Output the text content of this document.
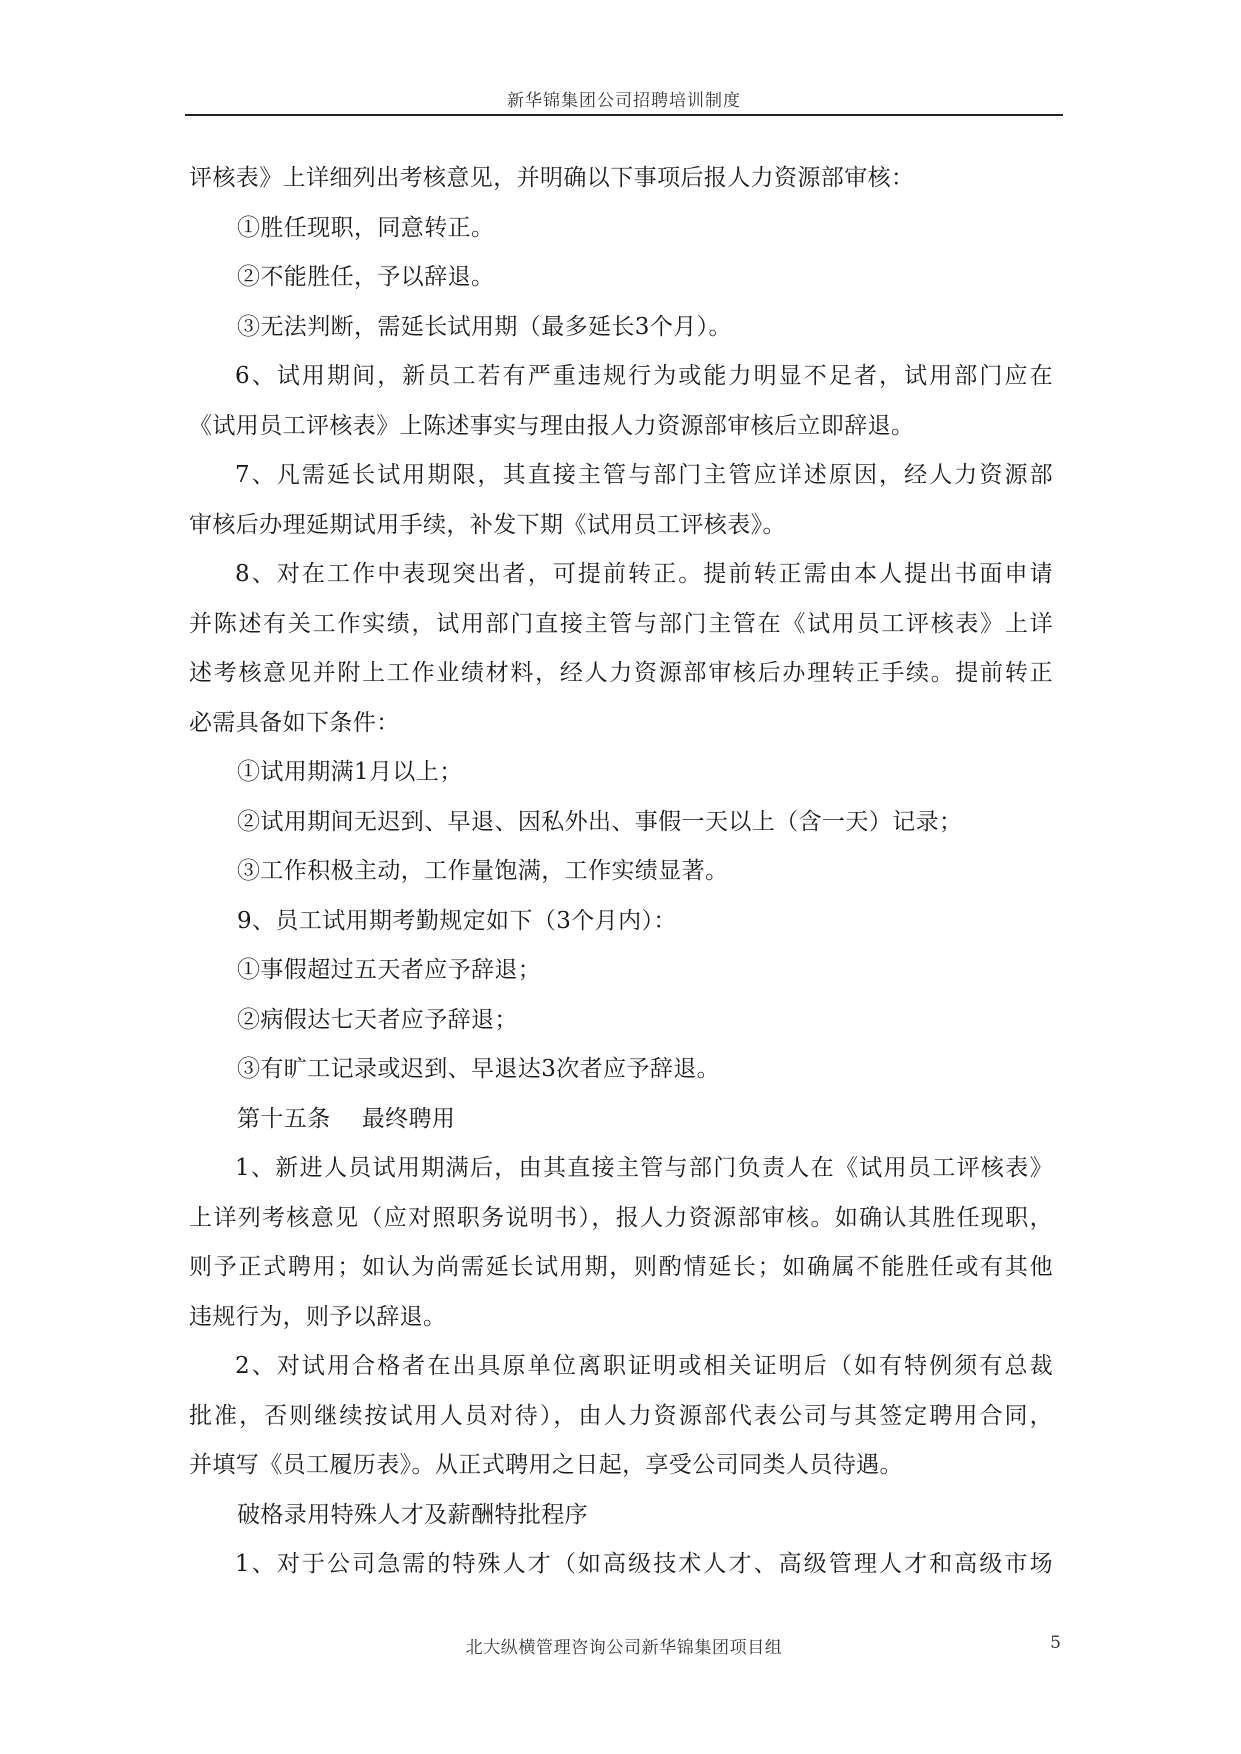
新华锦集团公司招聘培训制度
评核表》上详细列出考核意见，并明确以下事项后报人力资源部审核：
①胜任现职，同意转正。
②不能胜任，予以辞退。
③无法判断，需延长试用期（最多延长3个月）。
6、试用期间，新员工若有严重违规行为或能力明显不足者，试用部门应在
《试用员工评核表》上陈述事实与理由报人力资源部审核后立即辞退。
7、凡需延长试用期限，其直接主管与部门主管应详述原因，经人力资源部
审核后办理延期试用手续，补发下期《试用员工评核表》。
8、对在工作中表现突出者，可提前转正。提前转正需由本人提出书面申请
并陈述有关工作实绩，试用部门直接主管与部门主管在《试用员工评核表》上详
述考核意见并附上工作业绩材料，经人力资源部审核后办理转正手续。提前转正
必需具备如下条件：
①试用期满1月以上；
②试用期间无迟到、早退、因私外出、事假一天以上（含一天）记录；
③工作积极主动，工作量饱满，工作实绩显著。
9、员工试用期考勤规定如下（3个月内）：
①事假超过五天者应予辞退；
②病假达七天者应予辞退；
③有旷工记录或迟到、早退达3次者应予辞退。
第十五条　 最终聘用
1、新进人员试用期满后，由其直接主管与部门负责人在《试用员工评核表》
上详列考核意见（应对照职务说明书），报人力资源部审核。如确认其胜任现职，
则予正式聘用；如认为尚需延长试用期，则酌情延长；如确属不能胜任或有其他
违规行为，则予以辞退。
2、对试用合格者在出具原单位离职证明或相关证明后（如有特例须有总裁
批准，否则继续按试用人员对待），由人力资源部代表公司与其签定聘用合同，
并填写《员工履历表》。从正式聘用之日起，享受公司同类人员待遇。
破格录用特殊人才及薪酬特批程序
1、对于公司急需的特殊人才（如高级技术人才、高级管理人才和高级市场
北大纵横管理咨询公司新华锦集团项目组	5
